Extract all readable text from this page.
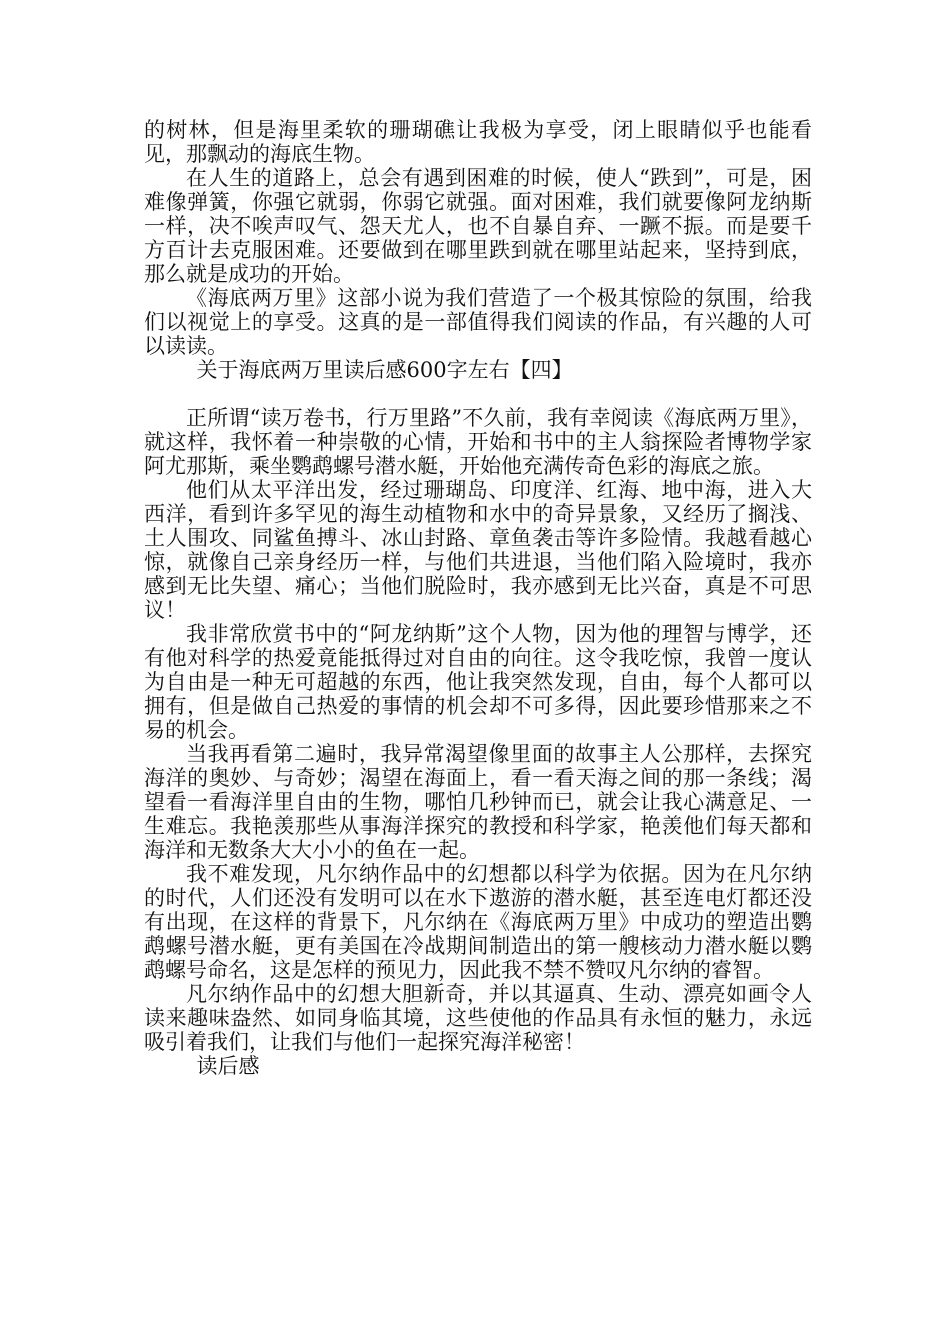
的树林，但是海里柔软的珊瑚礁让我极为享受，闭上眼睛似乎也能看见，那飘动的海底生物。

在人生的道路上，总会有遇到困难的时候，使人“跌到”，可是，困难像弹簧，你强它就弱，你弱它就强。面对困难，我们就要像阿龙纳斯一样，决不唉声叹气、怨天尤人，也不自暴自弃、一蹶不振。而是要千方百计去克服困难。还要做到在哪里跌到就在哪里站起来，坚持到底，那么就是成功的开始。

《海底两万里》这部小说为我们营造了一个极其惊险的氛围，给我们以视觉上的享受。这真的是一部值得我们阅读的作品，有兴趣的人可以读读。

关于海底两万里读后感600字左右【四】

正所谓“读万卷书，行万里路”不久前，我有幸阅读《海底两万里》，就这样，我怀着一种崇敬的心情，开始和书中的主人翁探险者博物学家阿尤那斯，乘坐鹦鹉螺号潜水艇，开始他充满传奇色彩的海底之旅。

他们从太平洋出发，经过珊瑚岛、印度洋、红海、地中海，进入大西洋，看到许多罕见的海生动植物和水中的奇异景象，又经历了搁浅、土人围攻、同鲨鱼搏斗、冰山封路、章鱼袭击等许多险情。我越看越心惊，就像自己亲身经历一样，与他们共进退，当他们陷入险境时，我亦感到无比失望、痛心；当他们脱险时，我亦感到无比兴奋，真是不可思议！

我非常欣赏书中的“阿龙纳斯”这个人物，因为他的理智与博学，还有他对科学的热爱竟能抵得过对自由的向往。这令我吃惊，我曾一度认为自由是一种无可超越的东西，他让我突然发现，自由，每个人都可以拥有，但是做自己热爱的事情的机会却不可多得，因此要珍惜那来之不易的机会。

当我再看第二遍时，我异常渴望像里面的故事主人公那样，去探究海洋的奥妙、与奇妙；渴望在海面上，看一看天海之间的那一条线；渴望看一看海洋里自由的生物，哪怕几秒钟而已，就会让我心满意足、一生难忘。我艳羡那些从事海洋探究的教授和科学家，艳羡他们每天都和海洋和无数条大大小小的鱼在一起。

我不难发现，凡尔纳作品中的幻想都以科学为依据。因为在凡尔纳的时代，人们还没有发明可以在水下遨游的潜水艇，甚至连电灯都还没有出现，在这样的背景下，凡尔纳在《海底两万里》中成功的塑造出鹦鹉螺号潜水艇，更有美国在冷战期间制造出的第一艘核动力潜水艇以鹦鹉螺号命名，这是怎样的预见力，因此我不禁不赞叹凡尔纳的睿智。

凡尔纳作品中的幻想大胆新奇，并以其逼真、生动、漂亮如画令人读来趣味盎然、如同身临其境，这些使他的作品具有永恒的魅力，永远吸引着我们，让我们与他们一起探究海洋秘密！

读后感
